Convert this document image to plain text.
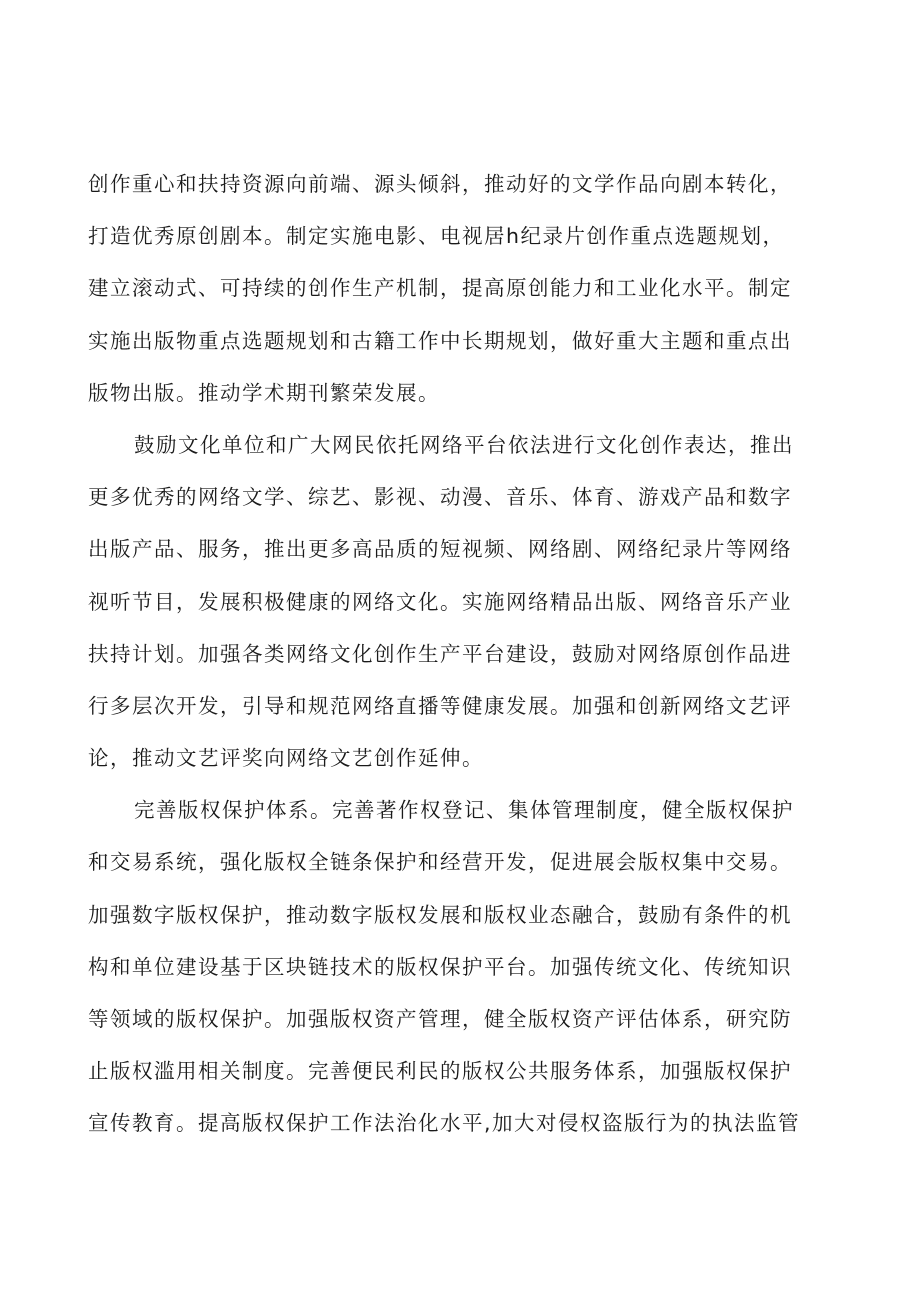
创作重心和扶持资源向前端、源头倾斜，推动好的文学作品向剧本转化，
打造优秀原创剧本。制定实施电影、电视居h纪录片创作重点选题规划，
建立滚动式、可持续的创作生产机制，提高原创能力和工业化水平。制定
实施出版物重点选题规划和古籍工作中长期规划，做好重大主题和重点出
版物出版。推动学术期刊繁荣发展。
鼓励文化单位和广大网民依托网络平台依法进行文化创作表达，推出
更多优秀的网络文学、综艺、影视、动漫、音乐、体育、游戏产品和数字
出版产品、服务，推出更多高品质的短视频、网络剧、网络纪录片等网络
视听节目，发展积极健康的网络文化。实施网络精品出版、网络音乐产业
扶持计划。加强各类网络文化创作生产平台建设，鼓励对网络原创作品进
行多层次开发，引导和规范网络直播等健康发展。加强和创新网络文艺评
论，推动文艺评奖向网络文艺创作延伸。
完善版权保护体系。完善著作权登记、集体管理制度，健全版权保护
和交易系统，强化版权全链条保护和经营开发，促进展会版权集中交易。
加强数字版权保护，推动数字版权发展和版权业态融合，鼓励有条件的机
构和单位建设基于区块链技术的版权保护平台。加强传统文化、传统知识
等领域的版权保护。加强版权资产管理，健全版权资产评估体系，研究防
止版权滥用相关制度。完善便民利民的版权公共服务体系，加强版权保护
宣传教育。提高版权保护工作法治化水平,加大对侵权盗版行为的执法监管
